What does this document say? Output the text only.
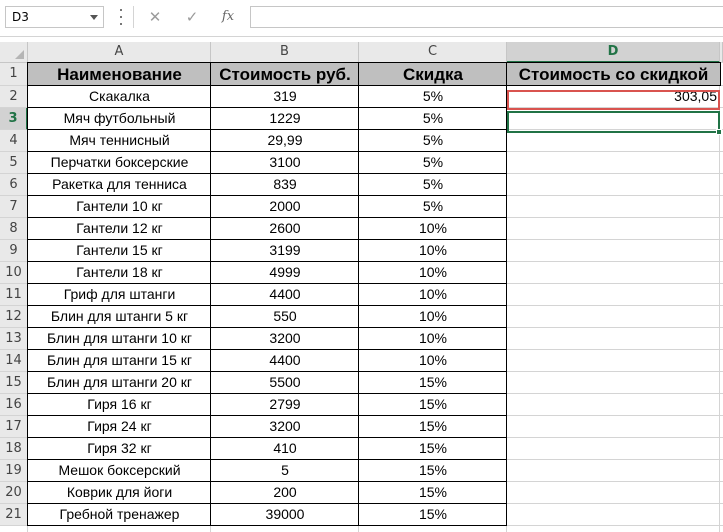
D3	✕	✓	fx
A	B	C	D
1
2
3
4
5
6
7
8
9
10
11
12
13
14
15
16
17
18
19
20
21
Наименование	Стоимость руб.	Скидка	Стоимость со скидкой
Скакалка	319	5%	303,05
Мяч футбольный	1229	5%
Мяч теннисный	29,99	5%
Перчатки боксерские	3100	5%
Ракетка для тенниса	839	5%
Гантели 10 кг	2000	5%
Гантели 12 кг	2600	10%
Гантели 15 кг	3199	10%
Гантели 18 кг	4999	10%
Гриф для штанги	4400	10%
Блин для штанги 5 кг	550	10%
Блин для штанги 10 кг	3200	10%
Блин для штанги 15 кг	4400	10%
Блин для штанги 20 кг	5500	15%
Гиря 16 кг	2799	15%
Гиря 24 кг	3200	15%
Гиря 32 кг	410	15%
Мешок боксерский	5	15%
Коврик для йоги	200	15%
Гребной тренажер	39000	15%
